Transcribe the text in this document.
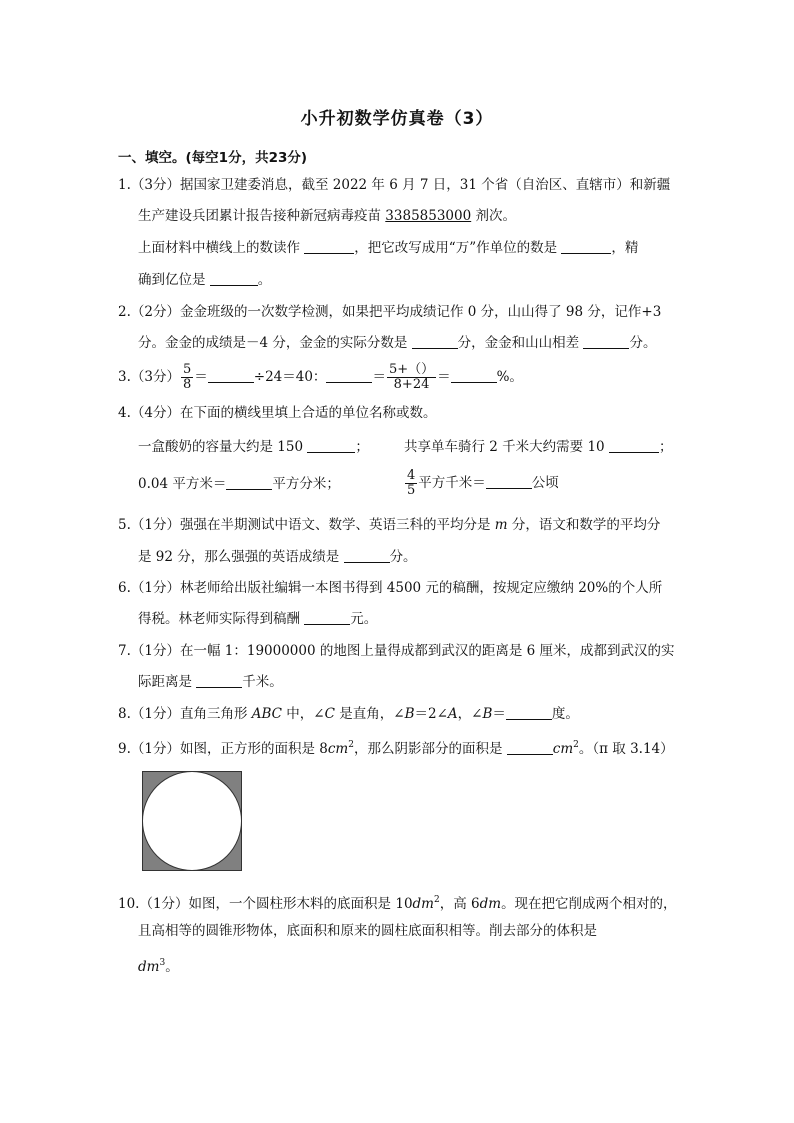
小升初数学仿真卷（3）
一、填空。(每空1分，共23分)
1.（3分）据国家卫建委消息，截至 2022 年 6 月 7 日，31 个省（自治区、直辖市）和新疆
生产建设兵团累计报告接种新冠病毒疫苗 3385853000 剂次。
上面材料中横线上的数读作	，把它改写成用“万”作单位的数是	，精
确到亿位是	。
2.（2分）金金班级的一次数学检测，如果把平均成绩记作 0 分，山山得了 98 分，记作+3
分。金金的成绩是－4 分，金金的实际分数是	分，金金和山山相差	分。
3.（3分） $\frac{5}{8}$ ＝	÷24＝40：	＝ $\frac{5+()}{8+24}$ ＝	%。
4.（4分）在下面的横线里填上合适的单位名称或数。
一盒酸奶的容量大约是 150	；	共享单车骑行 2 千米大约需要 10	；
0.04 平方米＝	平方分米；	$\frac{4}{5}$ 平方千米＝	公顷
5.（1分）强强在半期测试中语文、数学、英语三科的平均分是 m 分，语文和数学的平均分
是 92 分，那么强强的英语成绩是	分。
6.（1分）林老师给出版社编辑一本图书得到 4500 元的稿酬，按规定应缴纳 20%的个人所
得税。林老师实际得到稿酬	元。
7.（1分）在一幅 1：19000000 的地图上量得成都到武汉的距离是 6 厘米，成都到武汉的实
际距离是	千米。
8.（1分）直角三角形 ABC 中，∠C 是直角，∠B＝2∠A，∠B＝	度。
9.（1分）如图，正方形的面积是 $8cm^2$，那么阴影部分的面积是	$cm^2$。（π 取 3.14）
10.（1分）如图，一个圆柱形木料的底面积是 $10dm^2$，高 6dm。现在把它削成两个相对的，
且高相等的圆锥形物体，底面积和原来的圆柱底面积相等。削去部分的体积是
$dm^3$。
